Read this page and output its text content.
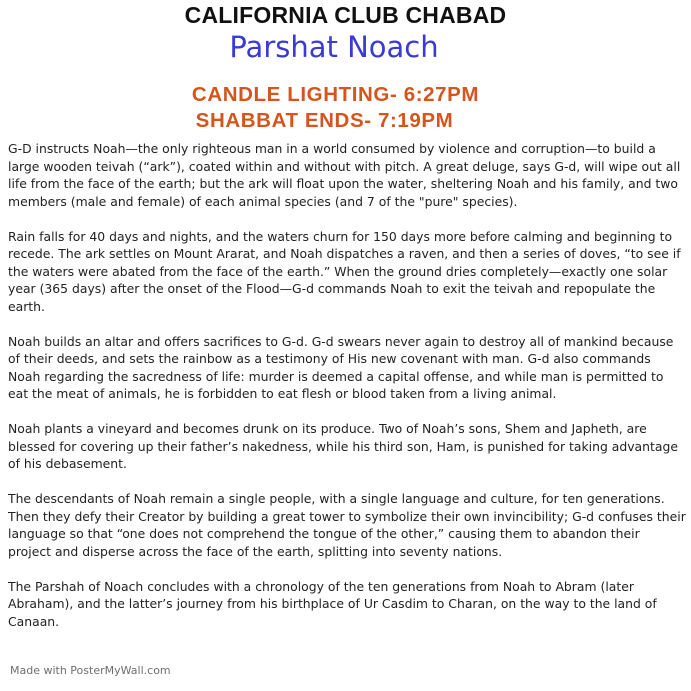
CALIFORNIA CLUB CHABAD
Parshat Noach
CANDLE LIGHTING- 6:27PM
SHABBAT ENDS- 7:19PM

G-D instructs Noah—the only righteous man in a world consumed by violence and corruption—to build a large wooden teivah (“ark”), coated within and without with pitch. A great deluge, says G-d, will wipe out all life from the face of the earth; but the ark will float upon the water, sheltering Noah and his family, and two members (male and female) of each animal species (and 7 of the "pure" species).

Rain falls for 40 days and nights, and the waters churn for 150 days more before calming and beginning to recede. The ark settles on Mount Ararat, and Noah dispatches a raven, and then a series of doves, “to see if the waters were abated from the face of the earth.” When the ground dries completely—exactly one solar year (365 days) after the onset of the Flood—G-d commands Noah to exit the teivah and repopulate the earth.

Noah builds an altar and offers sacrifices to G-d. G-d swears never again to destroy all of mankind because of their deeds, and sets the rainbow as a testimony of His new covenant with man. G-d also commands Noah regarding the sacredness of life: murder is deemed a capital offense, and while man is permitted to eat the meat of animals, he is forbidden to eat flesh or blood taken from a living animal.

Noah plants a vineyard and becomes drunk on its produce. Two of Noah’s sons, Shem and Japheth, are blessed for covering up their father’s nakedness, while his third son, Ham, is punished for taking advantage of his debasement.

The descendants of Noah remain a single people, with a single language and culture, for ten generations. Then they defy their Creator by building a great tower to symbolize their own invincibility; G-d confuses their language so that “one does not comprehend the tongue of the other,” causing them to abandon their project and disperse across the face of the earth, splitting into seventy nations.

The Parshah of Noach concludes with a chronology of the ten generations from Noah to Abram (later Abraham), and the latter’s journey from his birthplace of Ur Casdim to Charan, on the way to the land of Canaan.

Made with PosterMyWall.com
